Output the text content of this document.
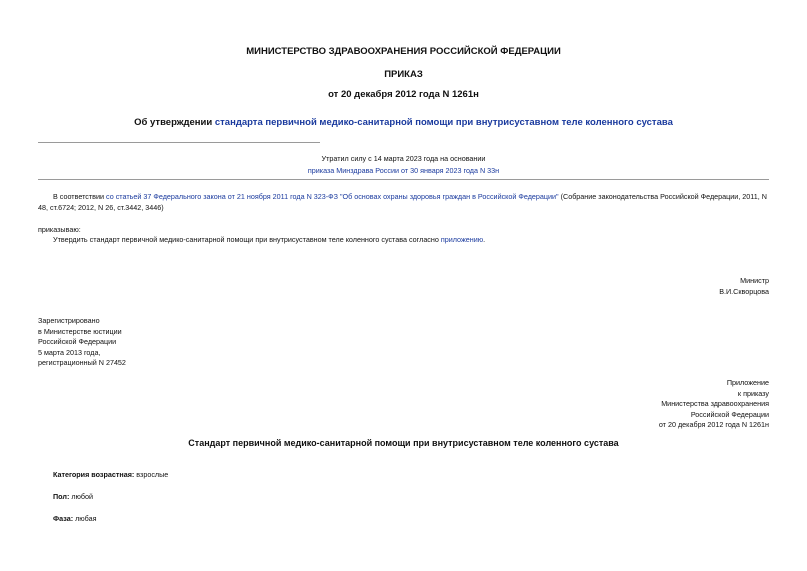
МИНИСТЕРСТВО ЗДРАВООХРАНЕНИЯ РОССИЙСКОЙ ФЕДЕРАЦИИ
ПРИКАЗ
от 20 декабря 2012 года N 1261н
Об утверждении стандарта первичной медико-санитарной помощи при внутрисуставном теле коленного сустава
Утратил силу с 14 марта 2023 года на основании
приказа Минздрава России от 30 января 2023 года N 33н
В соответствии со статьей 37 Федерального закона от 21 ноября 2011 года N 323-ФЗ "Об основах охраны здоровья граждан в Российской Федерации" (Собрание законодательства Российской Федерации, 2011, N 48, ст.6724; 2012, N 26, ст.3442, 3446)
приказываю:
Утвердить стандарт первичной медико-санитарной помощи при внутрисуставном теле коленного сустава согласно приложению.
Министр
В.И.Скворцова
Зарегистрировано
в Министерстве юстиции
Российской Федерации
5 марта 2013 года,
регистрационный N 27452
Приложение
к приказу
Министерства здравоохранения
Российской Федерации
от 20 декабря 2012 года N 1261н
Стандарт первичной медико-санитарной помощи при внутрисуставном теле коленного сустава
Категория возрастная: взрослые
Пол: любой
Фаза: любая
